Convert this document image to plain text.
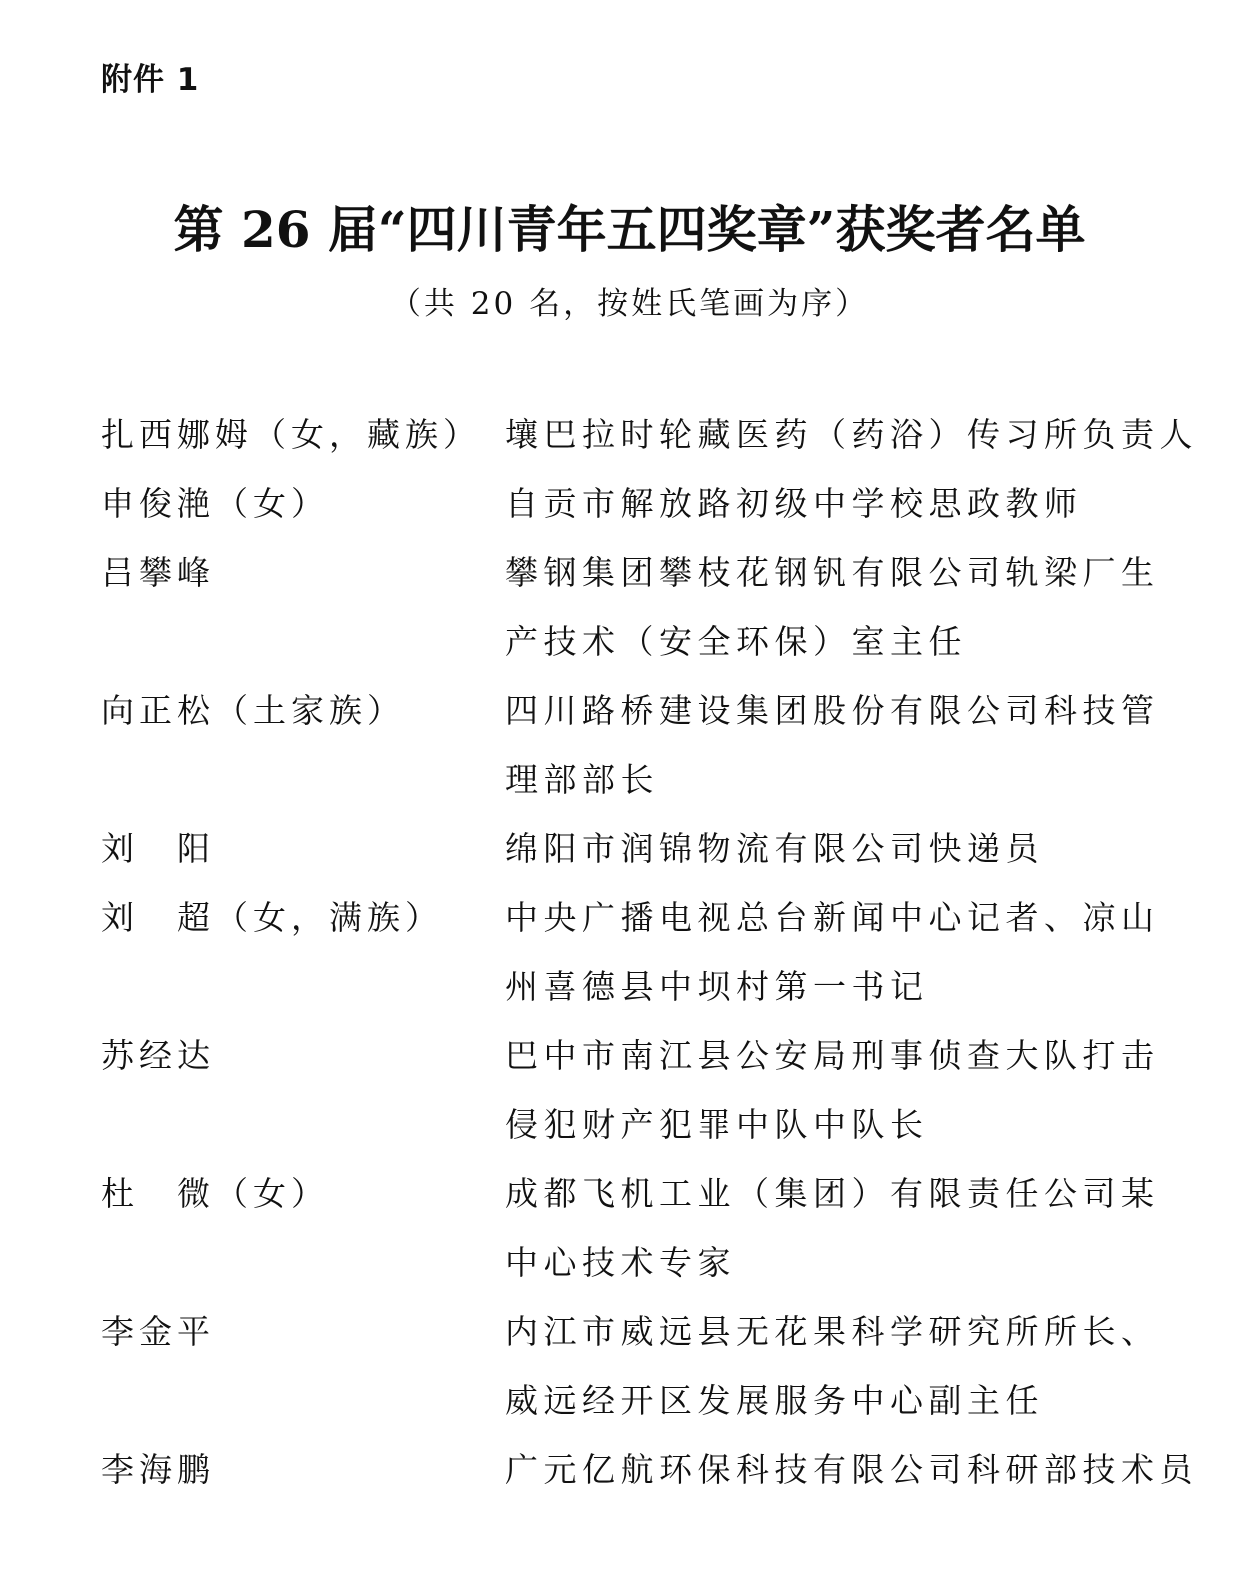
附件 1
第 26 届“四川青年五四奖章”获奖者名单
（共 20 名，按姓氏笔画为序）
扎西娜姆（女，藏族） 壤巴拉时轮藏医药（药浴）传习所负责人
申俊滟（女）	自贡市解放路初级中学校思政教师
吕攀峰	攀钢集团攀枝花钢钒有限公司轨梁厂生
产技术（安全环保）室主任
向正松（土家族）	四川路桥建设集团股份有限公司科技管
理部部长
刘　阳	绵阳市润锦物流有限公司快递员
刘　超（女，满族）	中央广播电视总台新闻中心记者、凉山
州喜德县中坝村第一书记
苏经达	巴中市南江县公安局刑事侦查大队打击
侵犯财产犯罪中队中队长
杜　微（女）	成都飞机工业（集团）有限责任公司某
中心技术专家
李金平	内江市威远县无花果科学研究所所长、
威远经开区发展服务中心副主任
李海鹏	广元亿航环保科技有限公司科研部技术员
